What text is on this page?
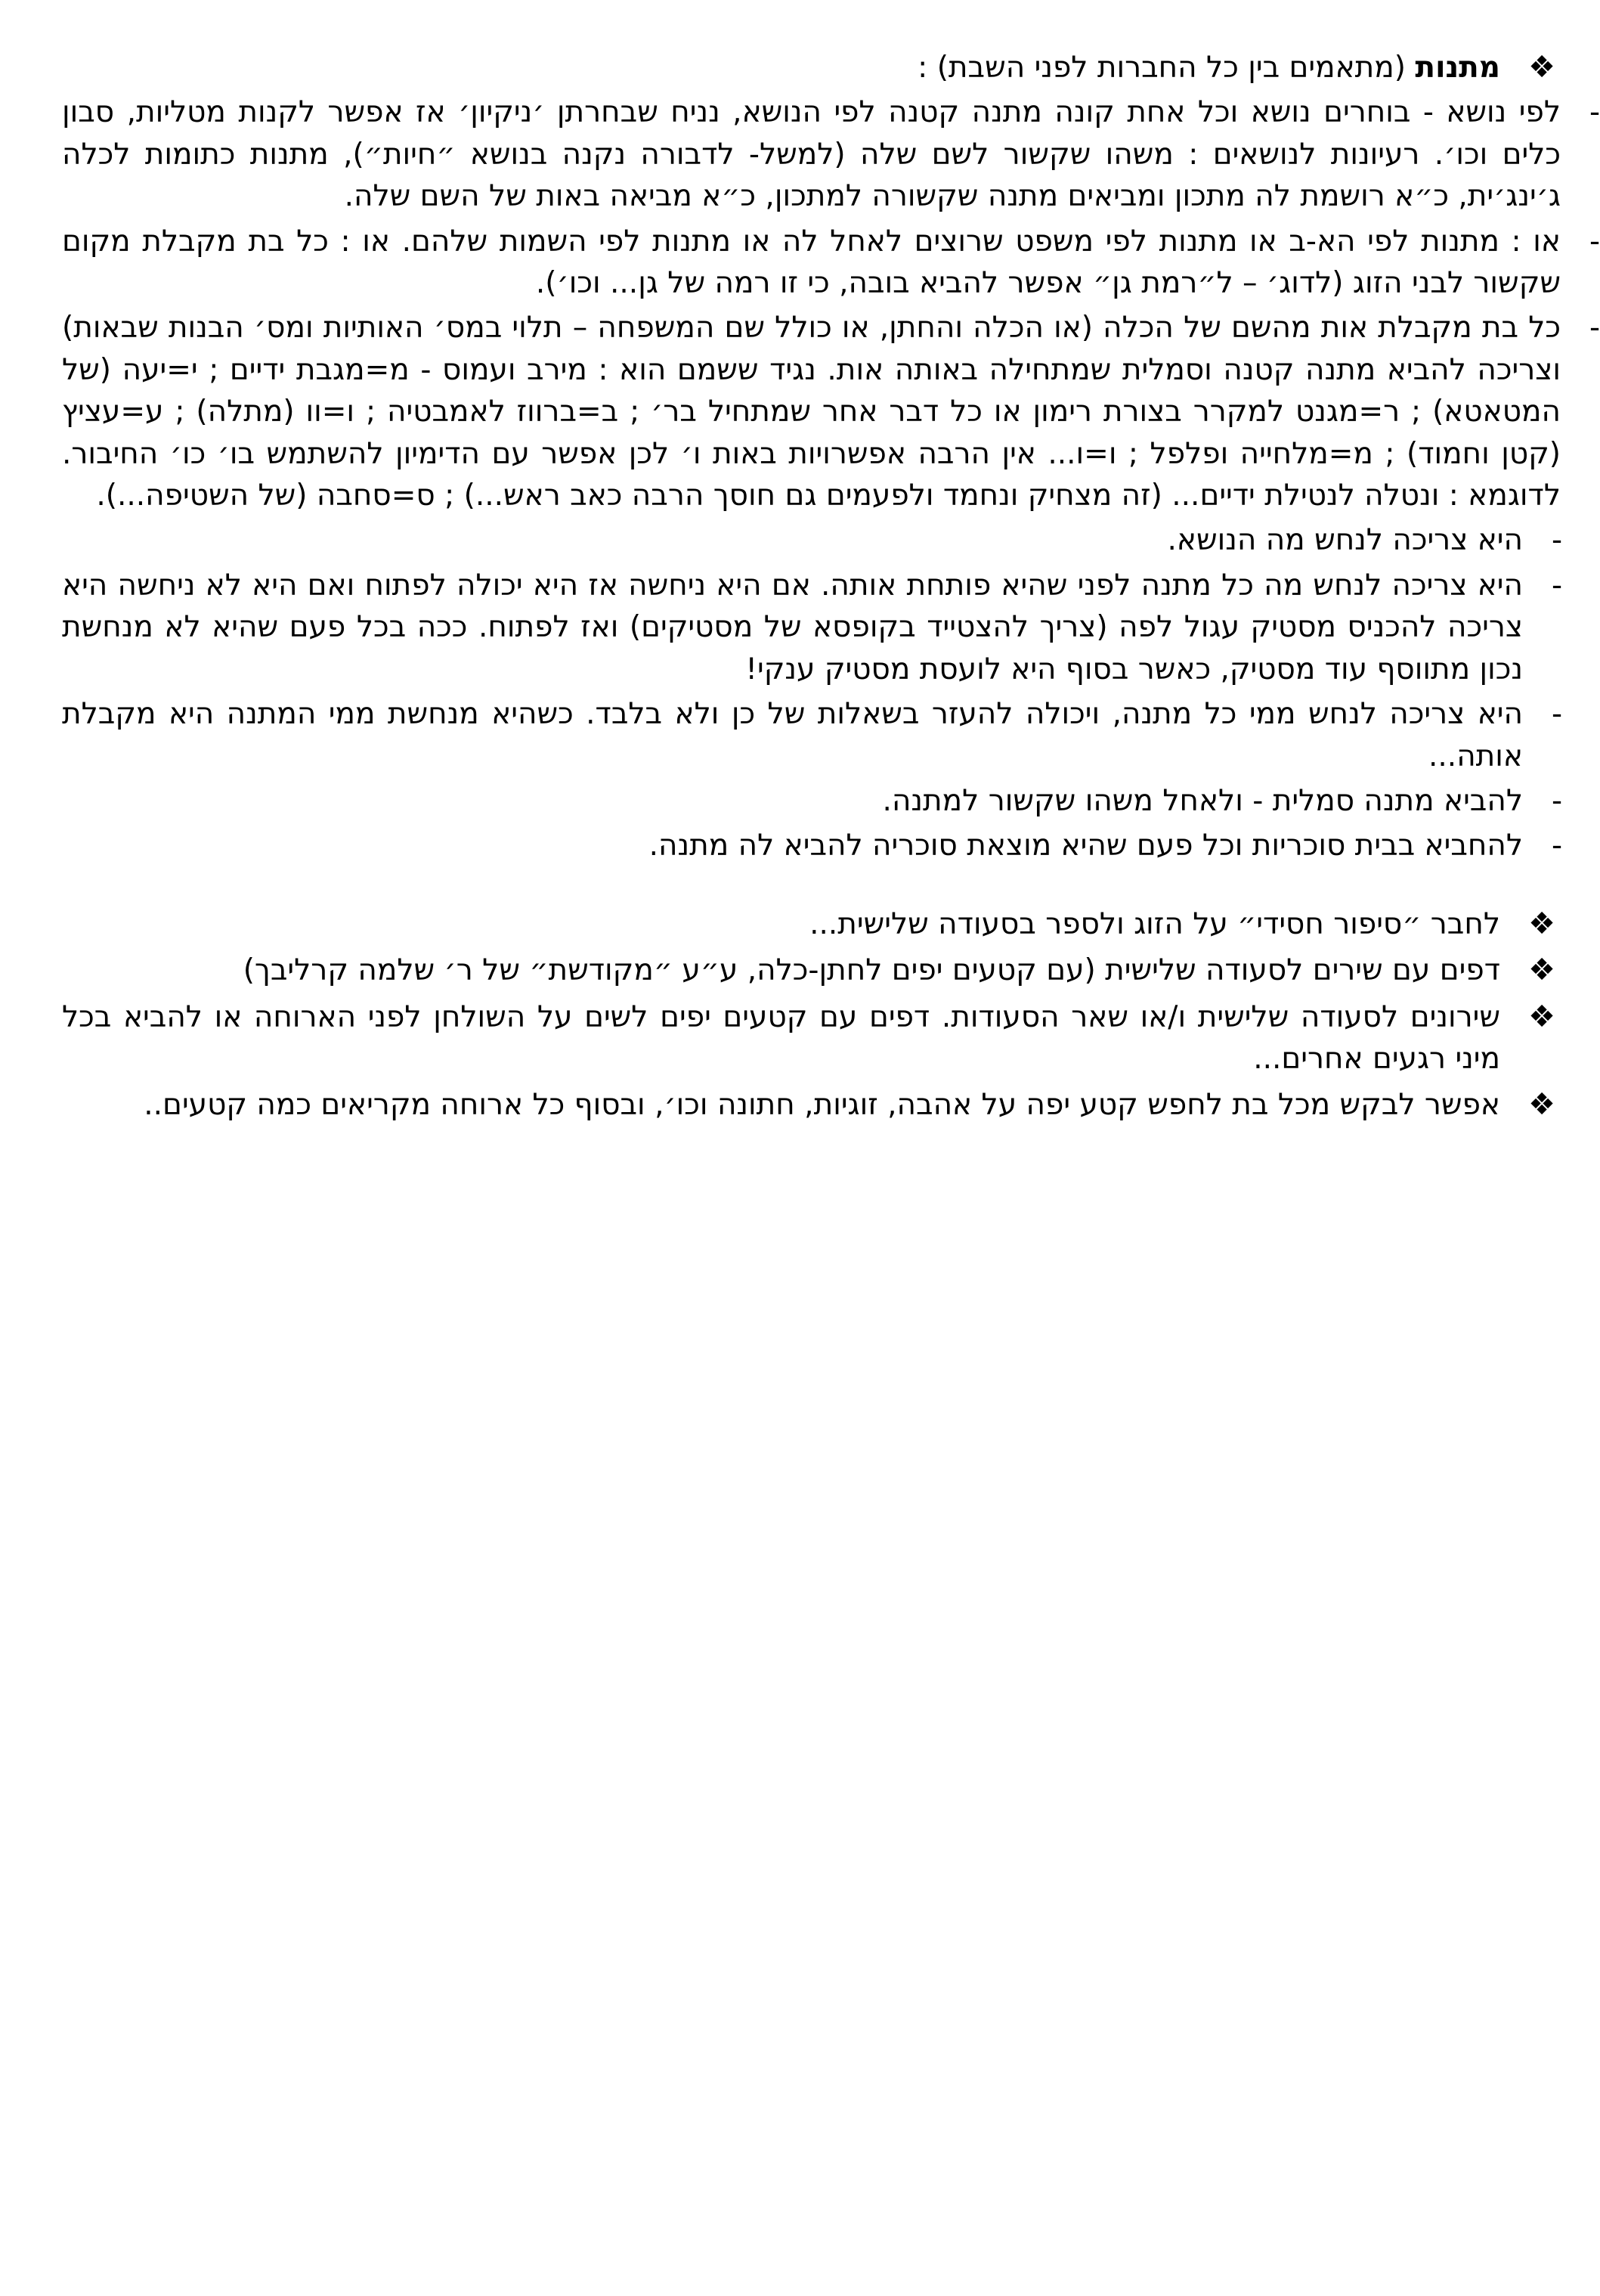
❖
מתנות (מתאמים בין כל החברות לפני השבת) :
-
לפי נושא - בוחרים נושא וכל אחת קונה מתנה קטנה לפי הנושא, נניח שבחרתן ׳ניקיון׳ אז אפשר לקנות מטליות, סבון כלים וכו׳. רעיונות לנושאים : משהו שקשור לשם שלה (למשל- לדבורה נקנה בנושא ״חיות״), מתנות כתומות לכלה ג׳ינג׳ית, כ״א רושמת לה מתכון ומביאים מתנה שקשורה למתכון, כ״א מביאה באות של השם שלה.
-
או : מתנות לפי הא-ב או מתנות לפי משפט שרוצים לאחל לה או מתנות לפי השמות שלהם. או : כל בת מקבלת מקום שקשור לבני הזוג (לדוג׳ – ל״רמת גן״ אפשר להביא בובה, כי זו רמה של גן... וכו׳).
-
כל בת מקבלת אות מהשם של הכלה (או הכלה והחתן, או כולל שם המשפחה – תלוי במס׳ האותיות ומס׳ הבנות שבאות) וצריכה להביא מתנה קטנה וסמלית שמתחילה באותה אות. נגיד ששמם הוא : מירב ועמוס - מ=מגבת ידיים ; י=יעה (של המטאטא) ; ר=מגנט למקרר בצורת רימון או כל דבר אחר שמתחיל בר׳ ; ב=ברווז לאמבטיה ; ו=וו (מתלה) ; ע=עציץ (קטן וחמוד) ; מ=מלחייה ופלפל ; ו=ו... אין הרבה אפשרויות באות ו׳ לכן אפשר עם הדימיון להשתמש בו׳ כו׳ החיבור. לדוגמא : ונטלה לנטילת ידיים... (זה מצחיק ונחמד ולפעמים גם חוסך הרבה כאב ראש...) ; ס=סחבה (של השטיפה...).
-
היא צריכה לנחש מה הנושא.
-
היא צריכה לנחש מה כל מתנה לפני שהיא פותחת אותה. אם היא ניחשה אז היא יכולה לפתוח ואם היא לא ניחשה היא צריכה להכניס מסטיק עגול לפה (צריך להצטייד בקופסא של מסטיקים) ואז לפתוח. ככה בכל פעם שהיא לא מנחשת נכון מתווסף עוד מסטיק, כאשר בסוף היא לועסת מסטיק ענקי!
-
היא צריכה לנחש ממי כל מתנה, ויכולה להעזר בשאלות של כן ולא בלבד. כשהיא מנחשת ממי המתנה היא מקבלת אותה...
-
להביא מתנה סמלית - ולאחל משהו שקשור למתנה.
-
להחביא בבית סוכריות וכל פעם שהיא מוצאת סוכריה להביא לה מתנה.
❖
לחבר ״סיפור חסידי״ על הזוג ולספר בסעודה שלישית...
❖
דפים עם שירים לסעודה שלישית (עם קטעים יפים לחתן-כלה, ע״ע ״מקודשת״ של ר׳ שלמה קרליבך)
❖
שירונים לסעודה שלישית ו/או שאר הסעודות. דפים עם קטעים יפים לשים על השולחן לפני הארוחה או להביא בכל מיני רגעים אחרים...
❖
אפשר לבקש מכל בת לחפש קטע יפה על אהבה, זוגיות, חתונה וכו׳, ובסוף כל ארוחה מקריאים כמה קטעים..
